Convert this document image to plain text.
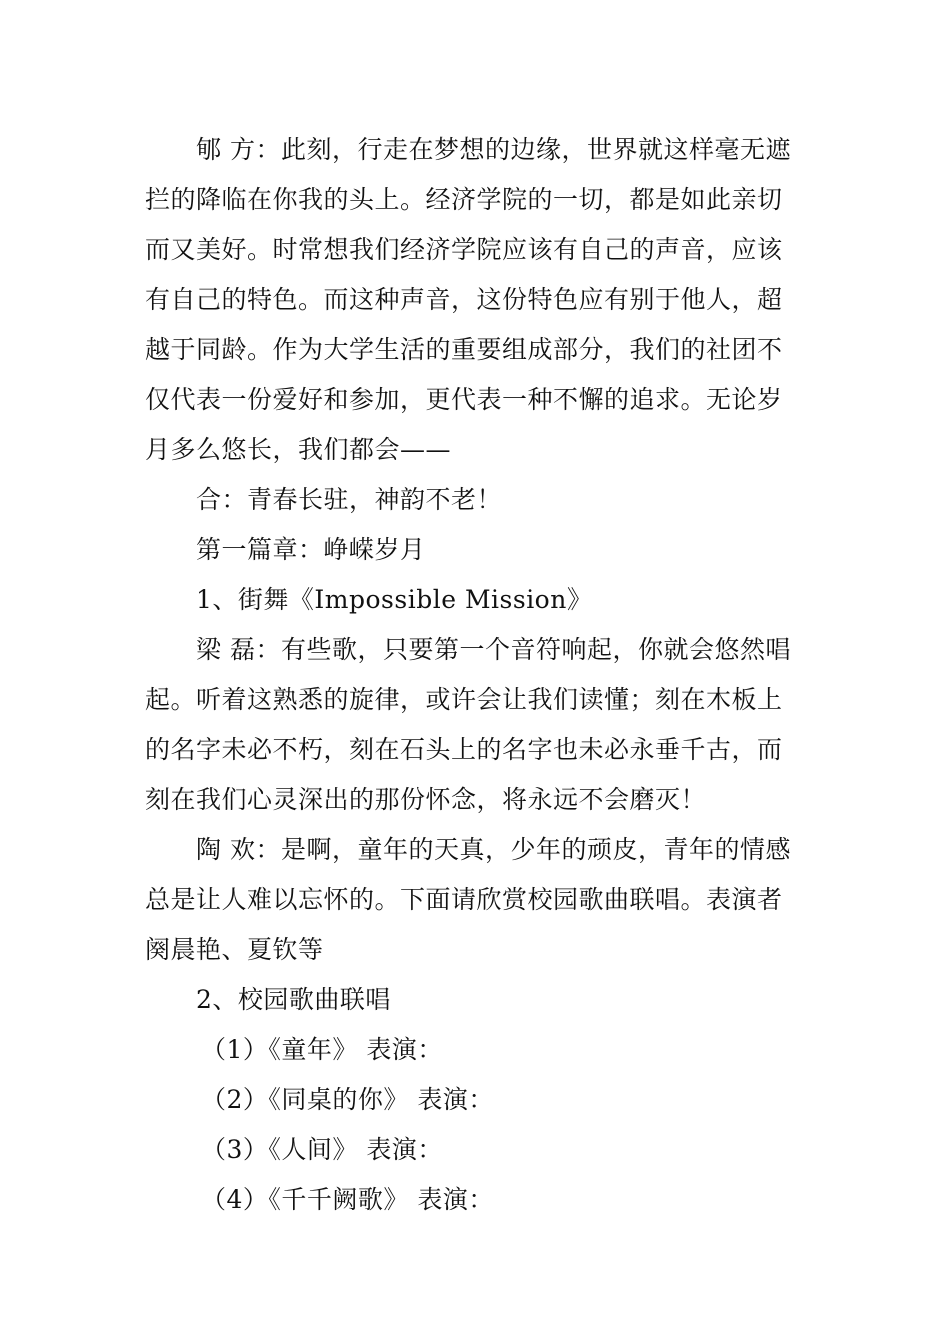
郇 方：此刻，行走在梦想的边缘，世界就这样毫无遮
拦的降临在你我的头上。经济学院的一切，都是如此亲切
而又美好。时常想我们经济学院应该有自己的声音，应该
有自己的特色。而这种声音，这份特色应有别于他人，超
越于同龄。作为大学生活的重要组成部分，我们的社团不
仅代表一份爱好和参加，更代表一种不懈的追求。无论岁
月多么悠长，我们都会——
合：青春长驻，神韵不老！
第一篇章：峥嵘岁月
1、街舞《Impossible Mission》
梁 磊：有些歌，只要第一个音符响起，你就会悠然唱
起。听着这熟悉的旋律，或许会让我们读懂；刻在木板上
的名字未必不朽，刻在石头上的名字也未必永垂千古，而
刻在我们心灵深出的那份怀念，将永远不会磨灭！
陶 欢：是啊，童年的天真，少年的顽皮，青年的情感
总是让人难以忘怀的。下面请欣赏校园歌曲联唱。表演者
阕晨艳、夏钦等
2、校园歌曲联唱
（1）《童年》 表演：
（2）《同桌的你》 表演：
（3）《人间》 表演：
（4）《千千阙歌》 表演：
